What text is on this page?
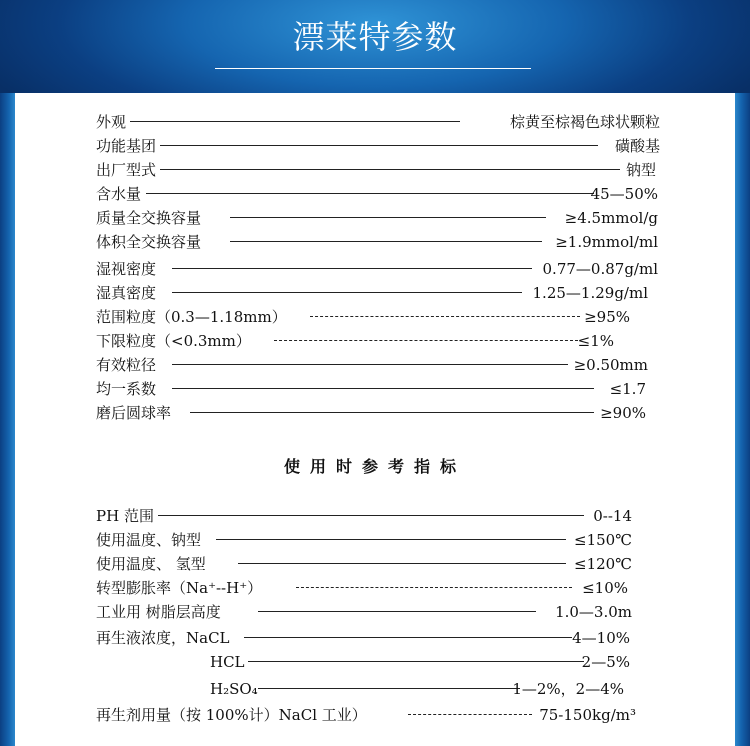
漂莱特参数
外观	棕黄至棕褐色球状颗粒
功能基团	磺酸基
出厂型式	钠型
含水量	45—50%
质量全交换容量	≥4.5mmol/g
体积全交换容量	≥1.9mmol/ml
湿视密度	0.77—0.87g/ml
湿真密度	1.25—1.29g/ml
范围粒度（0.3—1.18mm）	≥95%
下限粒度（<0.3mm）	≤1%
有效粒径	≥0.50mm
均一系数	≤1.7
磨后圆球率	≥90%
使用时参考指标
PH 范围	0--14
使用温度、钠型	≤150℃
使用温度、 氢型	≤120℃
转型膨胀率（Na⁺--H⁺）	≤10%
工业用 树脂层高度	1.0—3.0m
再生液浓度，NaCL	4—10%
HCL	2—5%
H₂SO₄	1—2%，2—4%
再生剂用量（按 100%计）NaCl 工业）	75-150kg/m³
